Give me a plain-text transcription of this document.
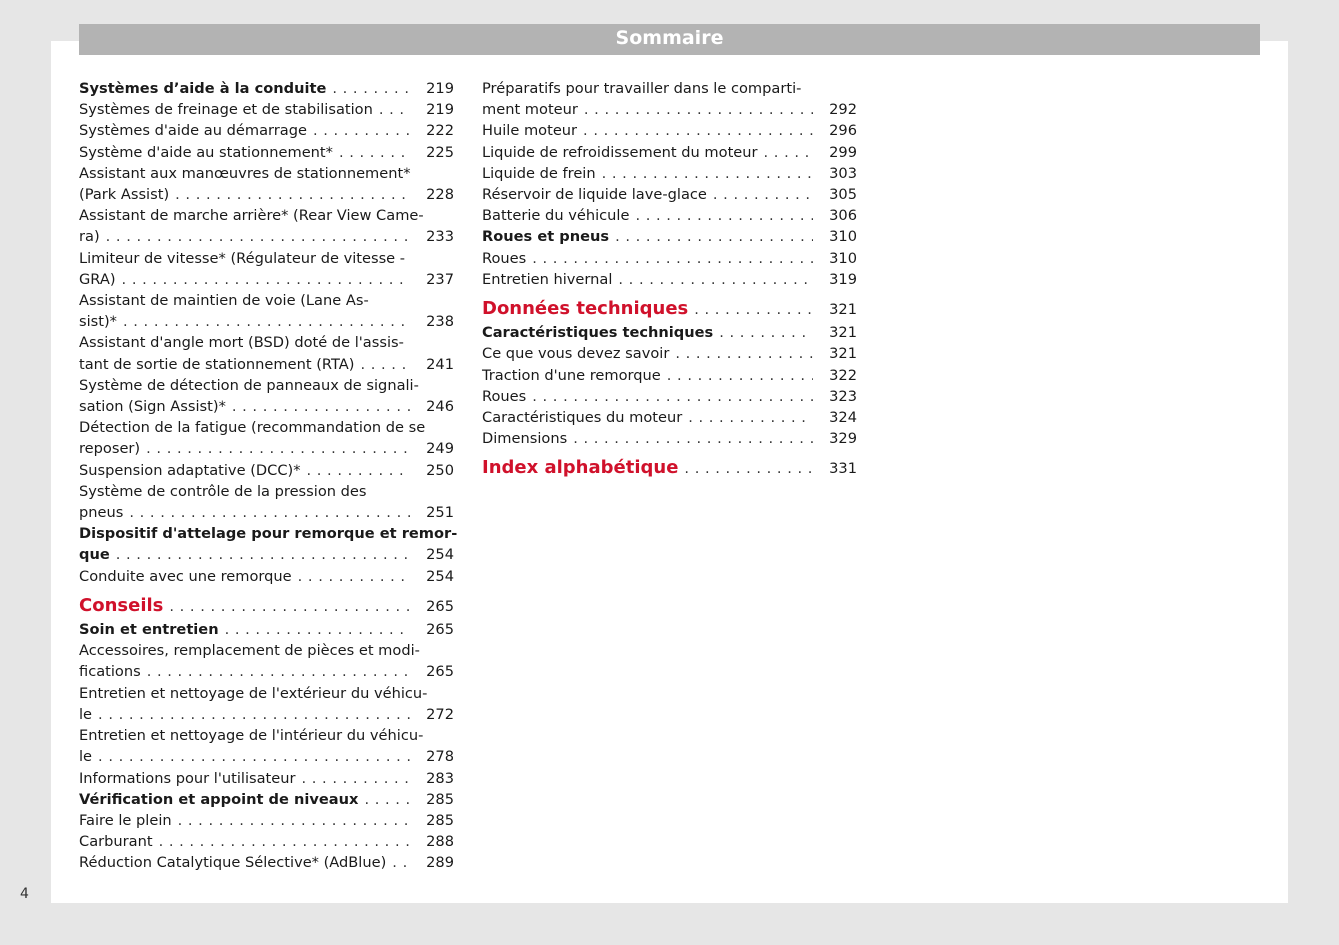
Sommaire
Systèmes d’aide à la conduite . . .	219
Systèmes de freinage et de stabilisation . . .	219
Systèmes d'aide au démarrage . . .	222
Système d'aide au stationnement* . . .	225
Assistant aux manœuvres de stationnement*
(Park Assist) . . .	228
Assistant de marche arrière* (Rear View Came-
ra) . . .	233
Limiteur de vitesse* (Régulateur de vitesse -
GRA) . . .	237
Assistant de maintien de voie (Lane As-
sist)* . . .	238
Assistant d'angle mort (BSD) doté de l'assis-
tant de sortie de stationnement (RTA) . . .	241
Système de détection de panneaux de signali-
sation (Sign Assist)* . . .	246
Détection de la fatigue (recommandation de se
reposer) . . .	249
Suspension adaptative (DCC)* . . .	250
Système de contrôle de la pression des
pneus . . .	251
Dispositif d'attelage pour remorque et remor-
que . . .	254
Conduite avec une remorque . . .	254
Conseils . . .	265
Soin et entretien . . .	265
Accessoires, remplacement de pièces et modi-
fications . . .	265
Entretien et nettoyage de l'extérieur du véhicu-
le . . .	272
Entretien et nettoyage de l'intérieur du véhicu-
le . . .	278
Informations pour l'utilisateur . . .	283
Vérification et appoint de niveaux . . .	285
Faire le plein . . .	285
Carburant . . .	288
Réduction Catalytique Sélective* (AdBlue) . . .	289
Préparatifs pour travailler dans le comparti-
ment moteur . . .	292
Huile moteur . . .	296
Liquide de refroidissement du moteur . . .	299
Liquide de frein . . .	303
Réservoir de liquide lave-glace . . .	305
Batterie du véhicule . . .	306
Roues et pneus . . .	310
Roues . . .	310
Entretien hivernal . . .	319
Données techniques . . .	321
Caractéristiques techniques . . .	321
Ce que vous devez savoir . . .	321
Traction d'une remorque . . .	322
Roues . . .	323
Caractéristiques du moteur . . .	324
Dimensions . . .	329
Index alphabétique . . .	331
4
